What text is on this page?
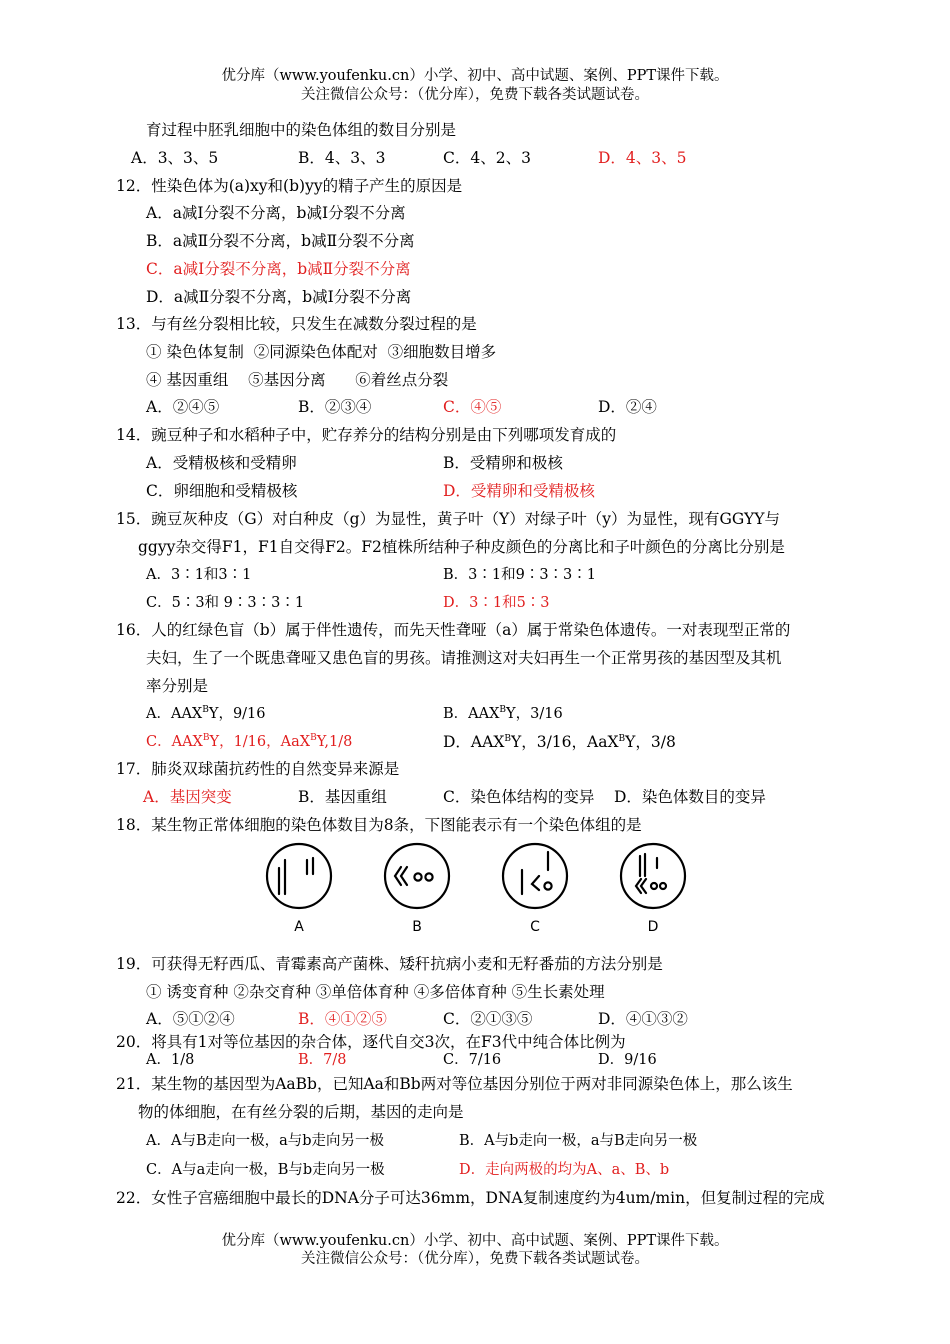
优分库（www.youfenku.cn）小学、初中、高中试题、案例、PPT课件下载。
关注微信公众号：（优分库），免费下载各类试题试卷。
育过程中胚乳细胞中的染色体组的数目分别是
A．3、3、5	B．4、3、3	C．4、2、3	D．4、3、5
12．性染色体为(a)xy和(b)yy的精子产生的原因是
A．a减Ⅰ分裂不分离，b减Ⅰ分裂不分离
B．a减Ⅱ分裂不分离，b减Ⅱ分裂不分离
C．a减Ⅰ分裂不分离，b减Ⅱ分裂不分离
D．a减Ⅱ分裂不分离，b减Ⅰ分裂不分离
13．与有丝分裂相比较，只发生在减数分裂过程的是
① 染色体复制  ②同源染色体配对  ③细胞数目增多
④ 基因重组    ⑤基因分离      ⑥着丝点分裂
A．②④⑤	B．②③④	C．④⑤	D．②④
14．豌豆种子和水稻种子中，贮存养分的结构分别是由下列哪项发育成的
A．受精极核和受精卵	B．受精卵和极核
C．卵细胞和受精极核	D．受精卵和受精极核
15．豌豆灰种皮（G）对白种皮（g）为显性，黄子叶（Y）对绿子叶（y）为显性，现有GGYY与
ggyy杂交得F1，F1自交得F2。F2植株所结种子种皮颜色的分离比和子叶颜色的分离比分别是
A．3∶1和3∶1	B．3∶1和9∶3∶3∶1
C．5∶3和 9∶3∶3∶1	D．3∶1和5∶3
16．人的红绿色盲（b）属于伴性遗传，而先天性聋哑（a）属于常染色体遗传。一对表现型正常的
夫妇，生了一个既患聋哑又患色盲的男孩。请推测这对夫妇再生一个正常男孩的基因型及其机
率分别是
A．$AAX^BY$，9/16	B．$AAX^BY$，3/16
C．$AAX^BY$，1/16，AaX$^B$Y,1/8	D．$AAX^BY$，3/16，AaX$^B$Y，3/8
17．肺炎双球菌抗药性的自然变异来源是
A．基因突变	B．基因重组	C．染色体结构的变异 D．染色体数目的变异
18．某生物正常体细胞的染色体数目为8条，下图能表示有一个染色体组的是
A	B	C	D
19．可获得无籽西瓜、青霉素高产菌株、矮秆抗病小麦和无籽番茄的方法分别是
① 诱变育种 ②杂交育种 ③单倍体育种 ④多倍体育种 ⑤生长素处理
A．⑤①②④	B．④①②⑤	C．②①③⑤	D．④①③②
20．将具有1对等位基因的杂合体，逐代自交3次，在F3代中纯合体比例为
A．1/8	B．7/8	C．7/16	D．9/16
21．某生物的基因型为AaBb，已知Aa和Bb两对等位基因分别位于两对非同源染色体上，那么该生
物的体细胞，在有丝分裂的后期，基因的走向是
A．A与B走向一极，a与b走向另一极	B．A与b走向一极，a与B走向另一极
C．A与a走向一极，B与b走向另一极	D．走向两极的均为A、a、B、b
22．女性子宫癌细胞中最长的DNA分子可达36mm，DNA复制速度约为4um/min，但复制过程的完成
优分库（www.youfenku.cn）小学、初中、高中试题、案例、PPT课件下载。
关注微信公众号：（优分库），免费下载各类试题试卷。
